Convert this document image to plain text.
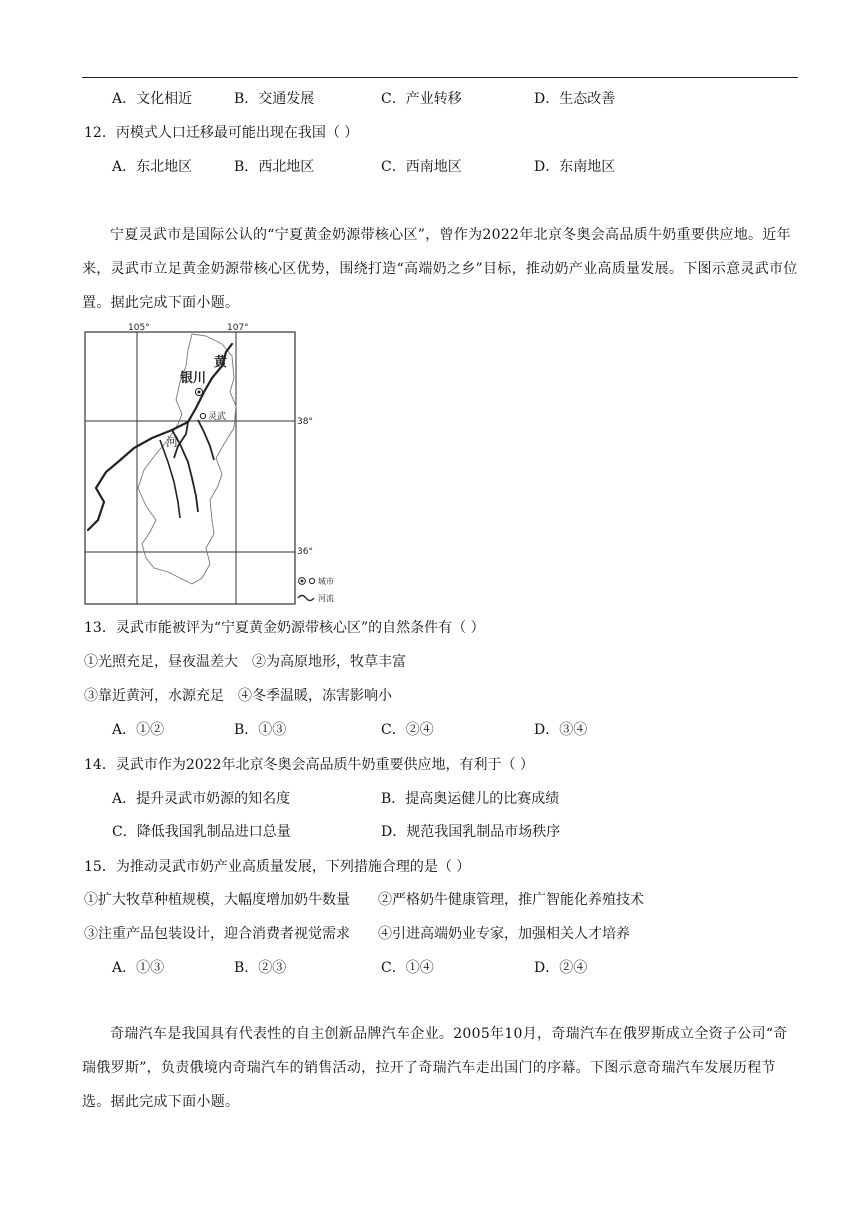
A．文化相近	B．交通发展	C．产业转移	D．生态改善
12．丙模式人口迁移最可能出现在我国（ ）
A．东北地区	B．西北地区	C．西南地区	D．东南地区
宁夏灵武市是国际公认的“宁夏黄金奶源带核心区”，曾作为2022年北京冬奥会高品质牛奶重要供应地。近年来，灵武市立足黄金奶源带核心区优势，围绕打造“高端奶之乡”目标，推动奶产业高质量发展。下图示意灵武市位置。据此完成下面小题。
105°	107°
38°
36°
黄
河
银川
灵武
城市
河流
13．灵武市能被评为“宁夏黄金奶源带核心区”的自然条件有（ ）
①光照充足，昼夜温差大　②为高原地形，牧草丰富
③靠近黄河，水源充足　④冬季温暖，冻害影响小
A．①②	B．①③	C．②④	D．③④
14．灵武市作为2022年北京冬奥会高品质牛奶重要供应地，有利于（ ）
A．提升灵武市奶源的知名度	B．提高奥运健儿的比赛成绩
C．降低我国乳制品进口总量	D．规范我国乳制品市场秩序
15．为推动灵武市奶产业高质量发展，下列措施合理的是（ ）
①扩大牧草种植规模，大幅度增加奶牛数量　　②严格奶牛健康管理，推广智能化养殖技术
③注重产品包装设计，迎合消费者视觉需求　　④引进高端奶业专家，加强相关人才培养
A．①③	B．②③	C．①④	D．②④
奇瑞汽车是我国具有代表性的自主创新品牌汽车企业。2005年10月，奇瑞汽车在俄罗斯成立全资子公司“奇瑞俄罗斯”，负责俄境内奇瑞汽车的销售活动，拉开了奇瑞汽车走出国门的序幕。下图示意奇瑞汽车发展历程节选。据此完成下面小题。
